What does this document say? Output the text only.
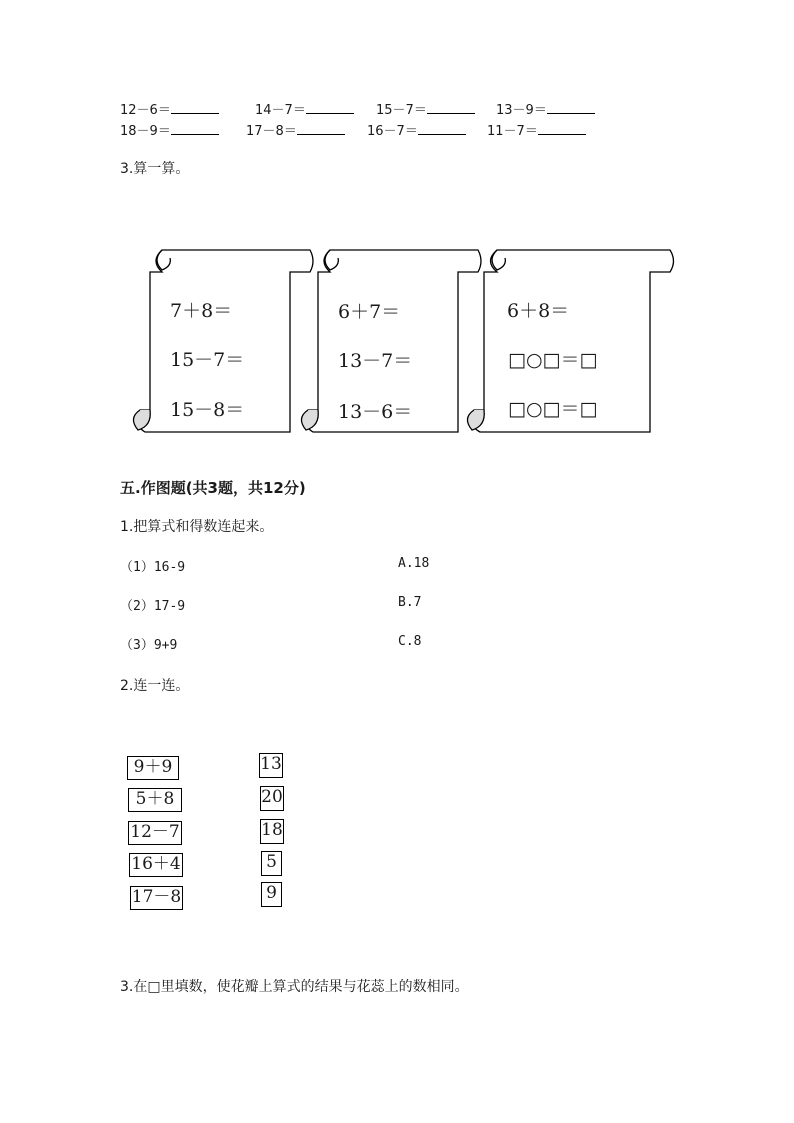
12－6＝	14－7＝	15－7＝	13－9＝
18－9＝	17－8＝	16－7＝	11－7＝
3.算一算。
7＋8＝
15－7＝
15－8＝
6＋7＝
13－7＝
13－6＝
6＋8＝
□○□＝□
□○□＝□
五.作图题(共3题，共12分)
1.把算式和得数连起来。
（1）16-9
（2）17-9
（3）9+9
A.18
B.7
C.8
2.连一连。
9＋9
5＋8
12－7
16＋4
17－8
13
20
18
5
9
3.在□里填数，使花瓣上算式的结果与花蕊上的数相同。
